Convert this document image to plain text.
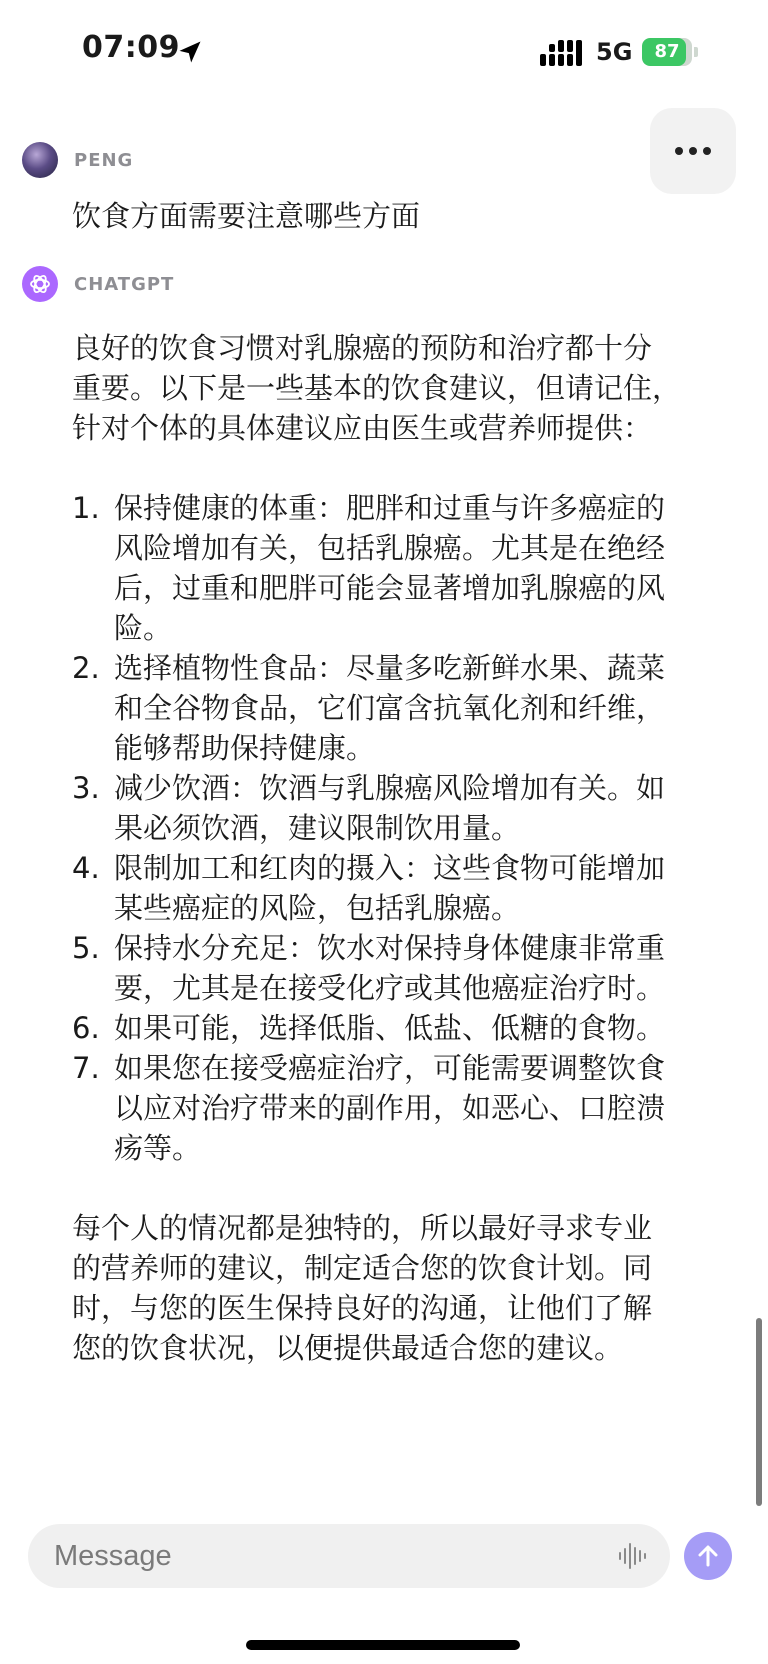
07:09	5G	87
PENG
饮食方面需要注意哪些方面
CHATGPT
良好的饮食习惯对乳腺癌的预防和治疗都十分
重要。以下是一些基本的饮食建议，但请记住，
针对个体的具体建议应由医生或营养师提供：
1. 保持健康的体重：肥胖和过重与许多癌症的
风险增加有关，包括乳腺癌。尤其是在绝经
后，过重和肥胖可能会显著增加乳腺癌的风
险。
2. 选择植物性食品：尽量多吃新鲜水果、蔬菜
和全谷物食品，它们富含抗氧化剂和纤维，
能够帮助保持健康。
3. 减少饮酒：饮酒与乳腺癌风险增加有关。如
果必须饮酒，建议限制饮用量。
4. 限制加工和红肉的摄入：这些食物可能增加
某些癌症的风险，包括乳腺癌。
5. 保持水分充足：饮水对保持身体健康非常重
要，尤其是在接受化疗或其他癌症治疗时。
6. 如果可能，选择低脂、低盐、低糖的食物。
7. 如果您在接受癌症治疗，可能需要调整饮食
以应对治疗带来的副作用，如恶心、口腔溃
疡等。
每个人的情况都是独特的，所以最好寻求专业
的营养师的建议，制定适合您的饮食计划。同
时，与您的医生保持良好的沟通，让他们了解
您的饮食状况，以便提供最适合您的建议。
Message
